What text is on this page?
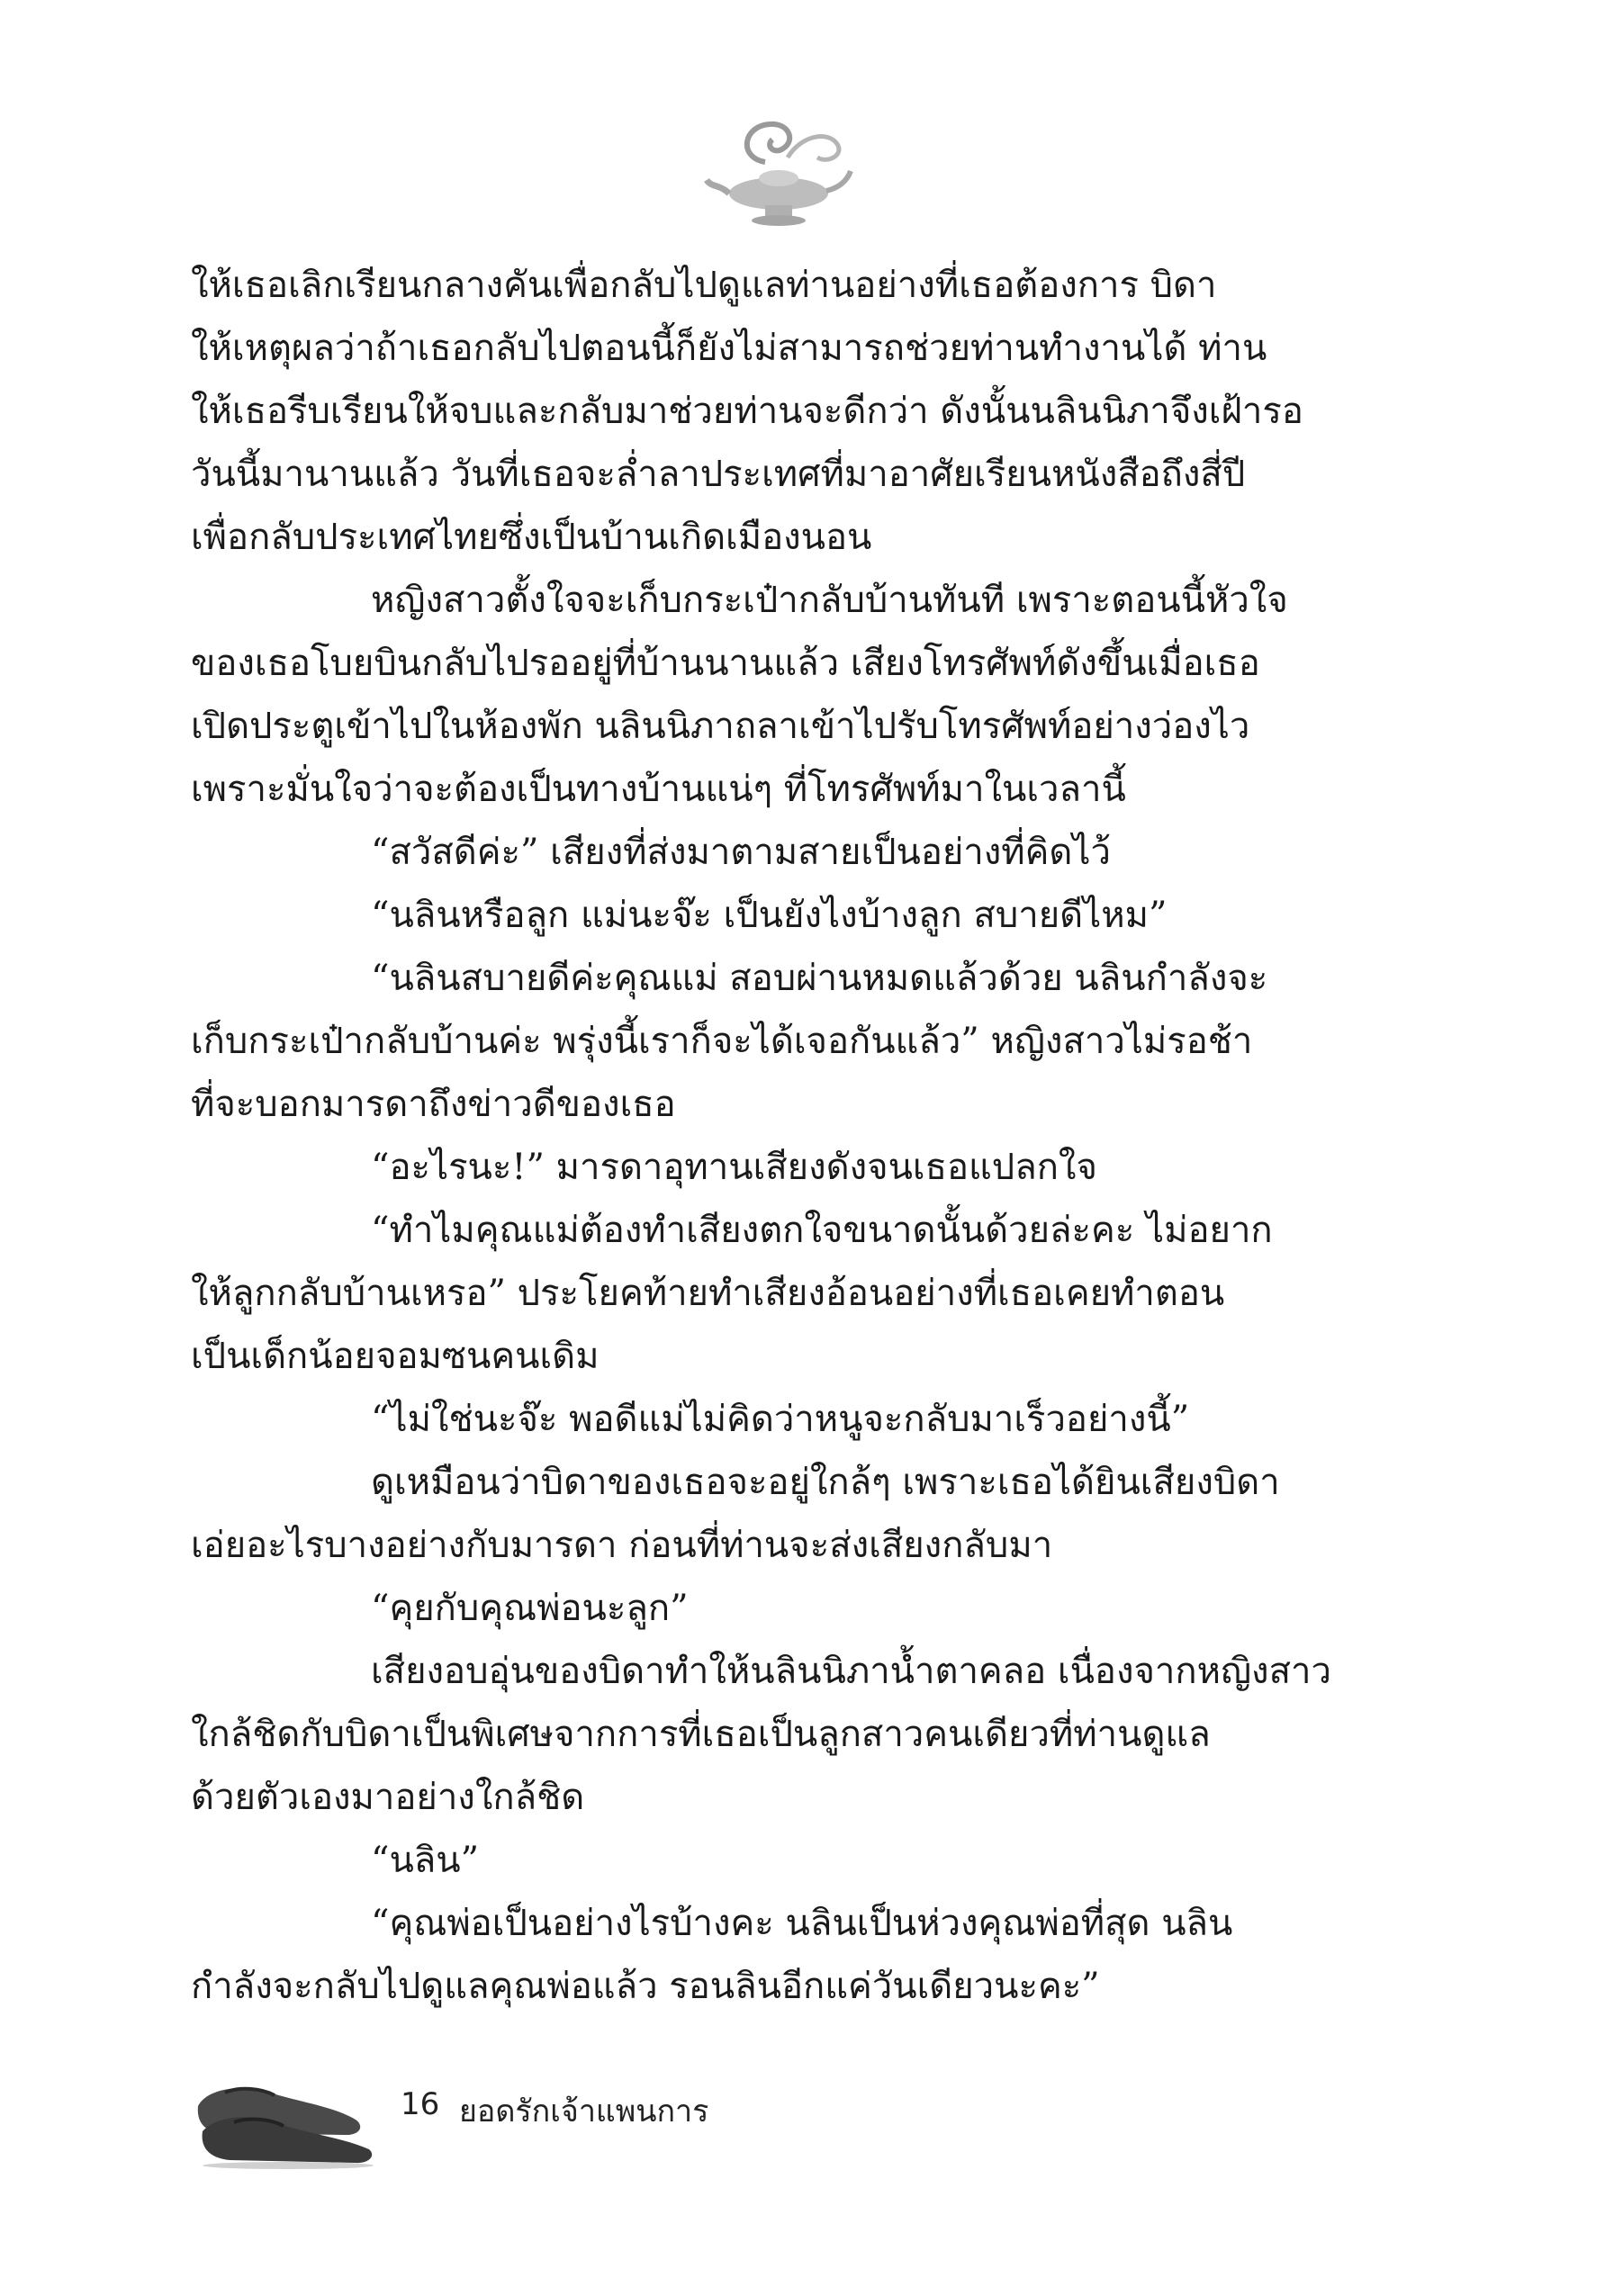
ให้เธอเลิกเรียนกลางคันเพื่อกลับไปดูแลท่านอย่างที่เธอต้องการ บิดา
ให้เหตุผลว่าถ้าเธอกลับไปตอนนี้ก็ยังไม่สามารถช่วยท่านทำงานได้ ท่าน
ให้เธอรีบเรียนให้จบและกลับมาช่วยท่านจะดีกว่า ดังนั้นนลินนิภาจึงเฝ้ารอ
วันนี้มานานแล้ว วันที่เธอจะล่ำลาประเทศที่มาอาศัยเรียนหนังสือถึงสี่ปี
เพื่อกลับประเทศไทยซึ่งเป็นบ้านเกิดเมืองนอน
หญิงสาวตั้งใจจะเก็บกระเป๋ากลับบ้านทันที เพราะตอนนี้หัวใจ
ของเธอโบยบินกลับไปรออยู่ที่บ้านนานแล้ว เสียงโทรศัพท์ดังขึ้นเมื่อเธอ
เปิดประตูเข้าไปในห้องพัก นลินนิภาถลาเข้าไปรับโทรศัพท์อย่างว่องไว
เพราะมั่นใจว่าจะต้องเป็นทางบ้านแน่ๆ ที่โทรศัพท์มาในเวลานี้
“สวัสดีค่ะ” เสียงที่ส่งมาตามสายเป็นอย่างที่คิดไว้
“นลินหรือลูก แม่นะจ๊ะ เป็นยังไงบ้างลูก สบายดีไหม”
“นลินสบายดีค่ะคุณแม่ สอบผ่านหมดแล้วด้วย นลินกำลังจะ
เก็บกระเป๋ากลับบ้านค่ะ พรุ่งนี้เราก็จะได้เจอกันแล้ว” หญิงสาวไม่รอช้า
ที่จะบอกมารดาถึงข่าวดีของเธอ
“อะไรนะ!” มารดาอุทานเสียงดังจนเธอแปลกใจ
“ทำไมคุณแม่ต้องทำเสียงตกใจขนาดนั้นด้วยล่ะคะ ไม่อยาก
ให้ลูกกลับบ้านเหรอ” ประโยคท้ายทำเสียงอ้อนอย่างที่เธอเคยทำตอน
เป็นเด็กน้อยจอมซนคนเดิม
“ไม่ใช่นะจ๊ะ พอดีแม่ไม่คิดว่าหนูจะกลับมาเร็วอย่างนี้”
ดูเหมือนว่าบิดาของเธอจะอยู่ใกล้ๆ เพราะเธอได้ยินเสียงบิดา
เอ่ยอะไรบางอย่างกับมารดา ก่อนที่ท่านจะส่งเสียงกลับมา
“คุยกับคุณพ่อนะลูก”
เสียงอบอุ่นของบิดาทำให้นลินนิภาน้ำตาคลอ เนื่องจากหญิงสาว
ใกล้ชิดกับบิดาเป็นพิเศษจากการที่เธอเป็นลูกสาวคนเดียวที่ท่านดูแล
ด้วยตัวเองมาอย่างใกล้ชิด
“นลิน”
“คุณพ่อเป็นอย่างไรบ้างคะ นลินเป็นห่วงคุณพ่อที่สุด นลิน
กำลังจะกลับไปดูแลคุณพ่อแล้ว รอนลินอีกแค่วันเดียวนะคะ”
16 ยอดรักเจ้าแพนการ
